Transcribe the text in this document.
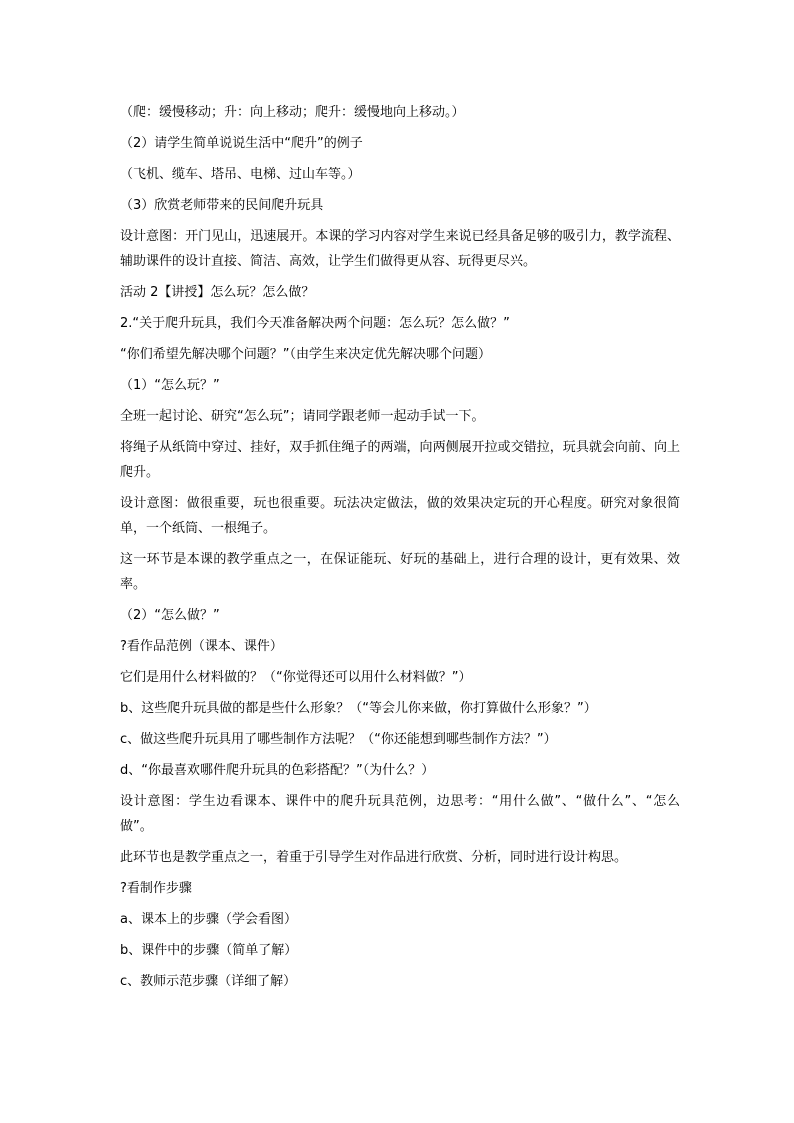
（爬：缓慢移动；升：向上移动；爬升：缓慢地向上移动。）

（2）请学生简单说说生活中“爬升”的例子

（飞机、缆车、塔吊、电梯、过山车等。）

（3）欣赏老师带来的民间爬升玩具

设计意图：开门见山，迅速展开。本课的学习内容对学生来说已经具备足够的吸引力，教学流程、辅助课件的设计直接、简洁、高效，让学生们做得更从容、玩得更尽兴。

活动 2【讲授】怎么玩？怎么做？

2.“关于爬升玩具，我们今天准备解决两个问题：怎么玩？怎么做？”

“你们希望先解决哪个问题？”（由学生来决定优先解决哪个问题）

（1）“怎么玩？”

全班一起讨论、研究“怎么玩”；请同学跟老师一起动手试一下。

将绳子从纸筒中穿过、挂好，双手抓住绳子的两端，向两侧展开拉或交错拉，玩具就会向前、向上爬升。

设计意图：做很重要，玩也很重要。玩法决定做法，做的效果决定玩的开心程度。研究对象很简单，一个纸筒、一根绳子。

这一环节是本课的教学重点之一，在保证能玩、好玩的基础上，进行合理的设计，更有效果、效率。

（2）“怎么做？”

?看作品范例（课本、课件）

它们是用什么材料做的？（“你觉得还可以用什么材料做？”）

b、这些爬升玩具做的都是些什么形象？（“等会儿你来做，你打算做什么形象？”）

c、做这些爬升玩具用了哪些制作方法呢？（“你还能想到哪些制作方法？”）

d、“你最喜欢哪件爬升玩具的色彩搭配？”（为什么？）

设计意图：学生边看课本、课件中的爬升玩具范例，边思考：“用什么做”、“做什么”、“怎么做”。

此环节也是教学重点之一，着重于引导学生对作品进行欣赏、分析，同时进行设计构思。

?看制作步骤

a、课本上的步骤（学会看图）

b、课件中的步骤（简单了解）

c、教师示范步骤（详细了解）
